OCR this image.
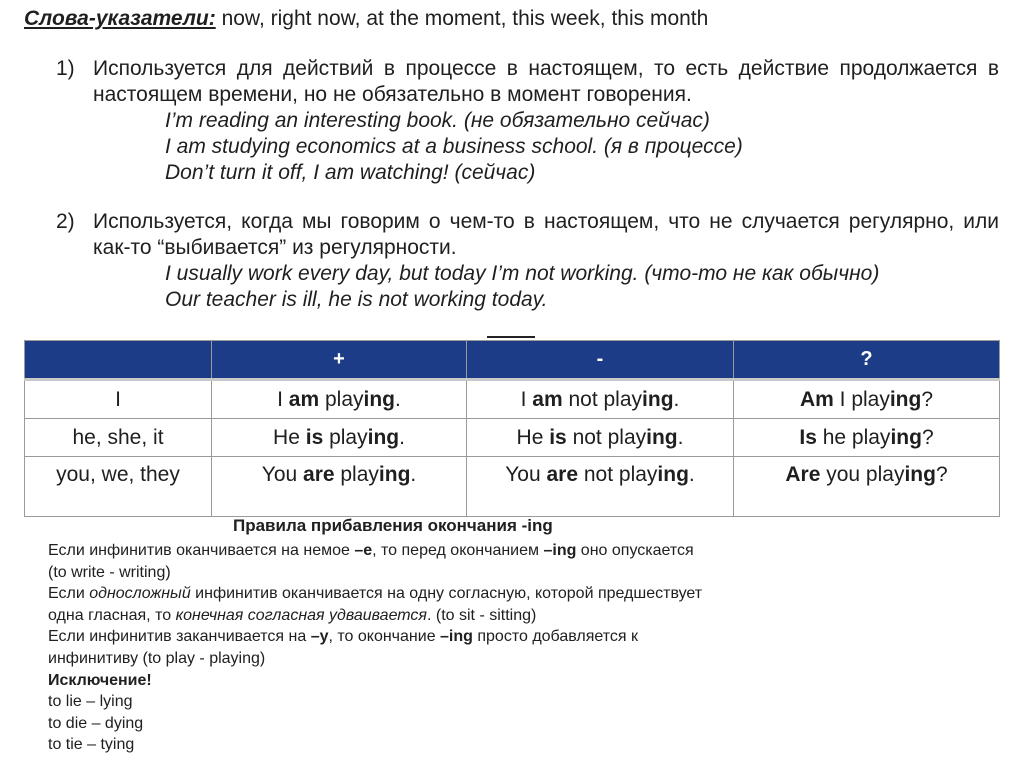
Слова-указатели: now, right now, at the moment, this week, this month
1) Используется для действий в процессе в настоящем, то есть действие продолжается в настоящем времени, но не обязательно в момент говорения.
I’m reading an interesting book. (не обязательно сейчас)
I am studying economics at a business school. (я в процессе)
Don’t turn it off, I am watching! (сейчас)
2) Используется, когда мы говорим о чем-то в настоящем, что не случается регулярно, или как-то “выбивается” из регулярности.
I usually work every day, but today I’m not working. (что-то не как обычно)
Our teacher is ill, he is not working today.
	+	-	?
I	I am playing.	I am not playing.	Am I playing?
he, she, it	He is playing.	He is not playing.	Is he playing?
you, we, they	You are playing.	You are not playing.	Are you playing?
Правила прибавления окончания -ing
Если инфинитив оканчивается на немое –е, то перед окончанием –ing оно опускается
(to write - writing)
Если односложный инфинитив оканчивается на одну согласную, которой предшествует
одна гласная, то конечная согласная удваивается. (to sit - sitting)
Если инфинитив заканчивается на –у, то окончание –ing просто добавляется к
инфинитиву (to play - playing)
Исключение!
to lie – lying
to die – dying
to tie – tying
